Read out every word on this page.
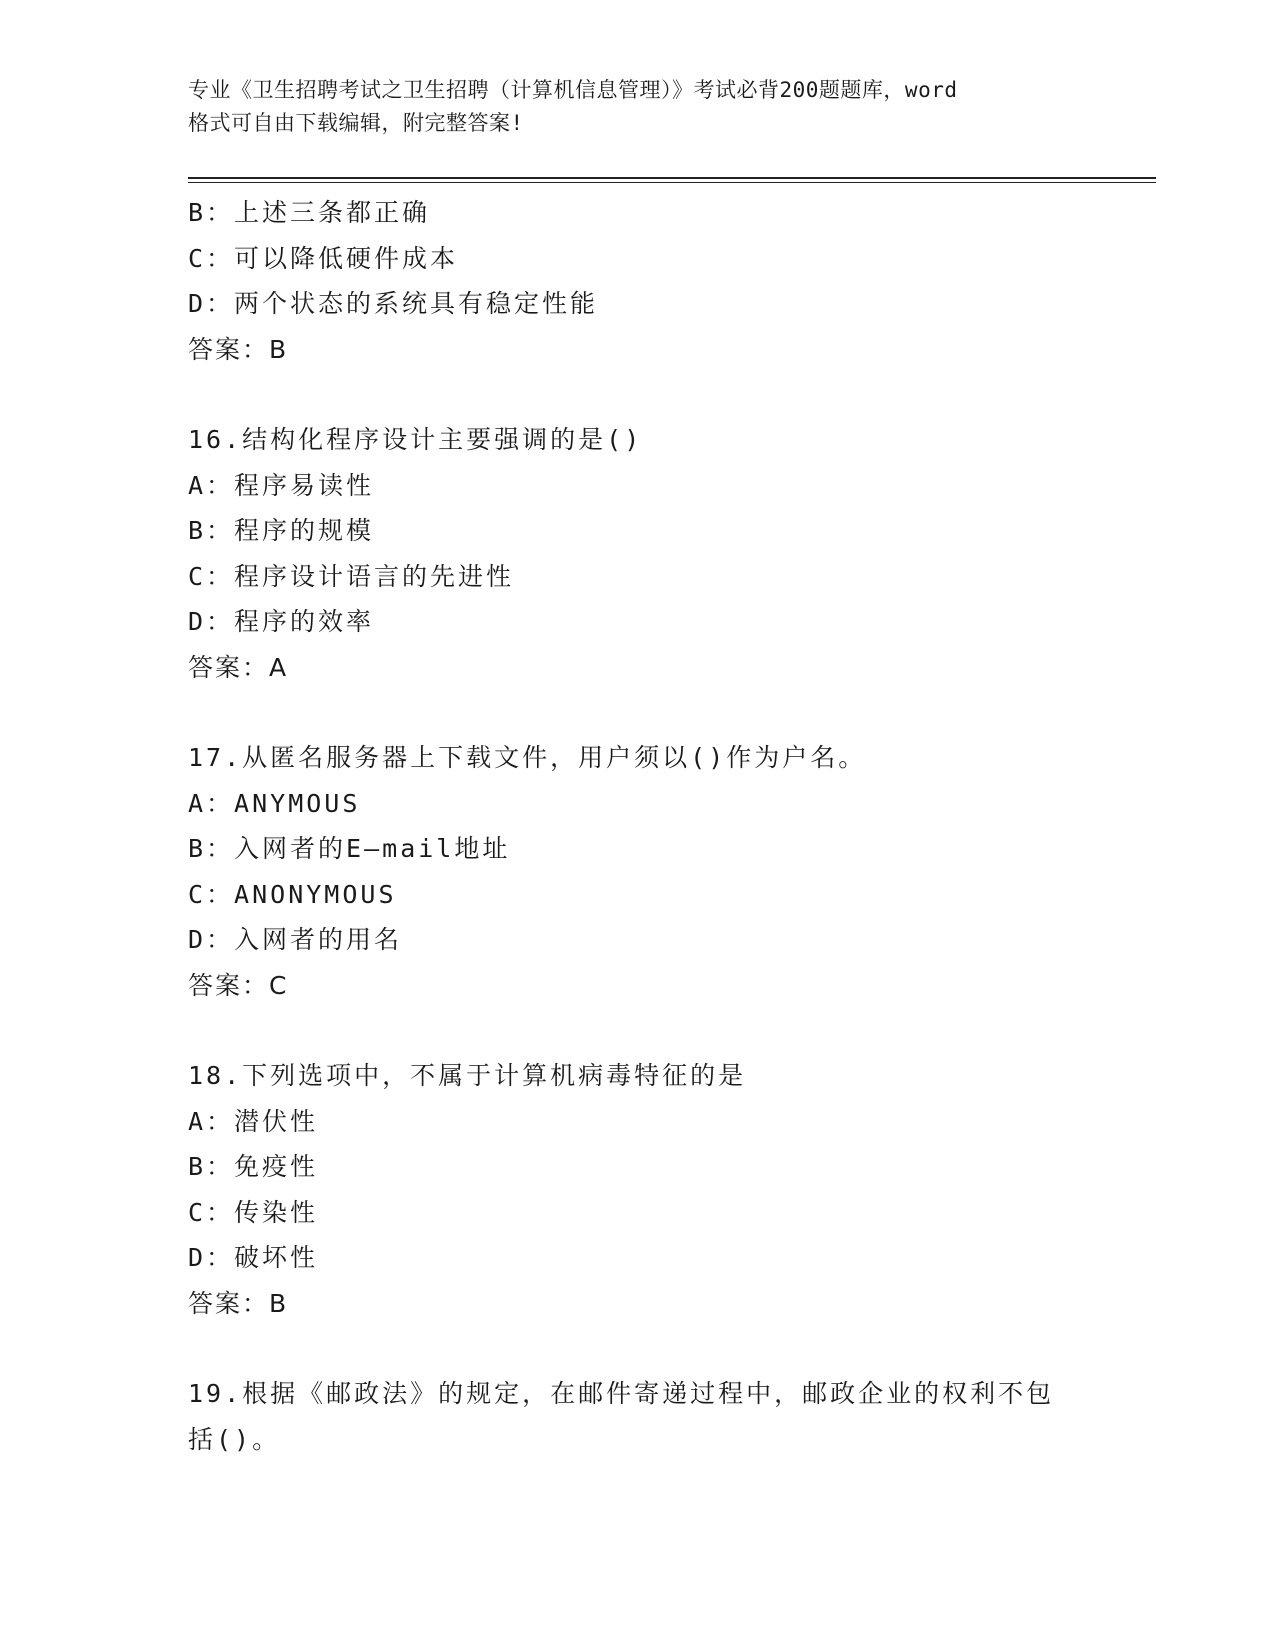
专业《卫生招聘考试之卫生招聘（计算机信息管理）》考试必背200题题库，word
格式可自由下载编辑，附完整答案!
B：上述三条都正确
C：可以降低硬件成本
D：两个状态的系统具有稳定性能
答案：B
16.结构化程序设计主要强调的是()
A：程序易读性
B：程序的规模
C：程序设计语言的先进性
D：程序的效率
答案：A
17.从匿名服务器上下载文件，用户须以()作为户名。
A：ANYMOUS
B：入网者的E—mail地址
C：ANONYMOUS
D：入网者的用名
答案：C
18.下列选项中，不属于计算机病毒特征的是
A：潜伏性
B：免疫性
C：传染性
D：破坏性
答案：B
19.根据《邮政法》的规定，在邮件寄递过程中，邮政企业的权利不包
括()。
